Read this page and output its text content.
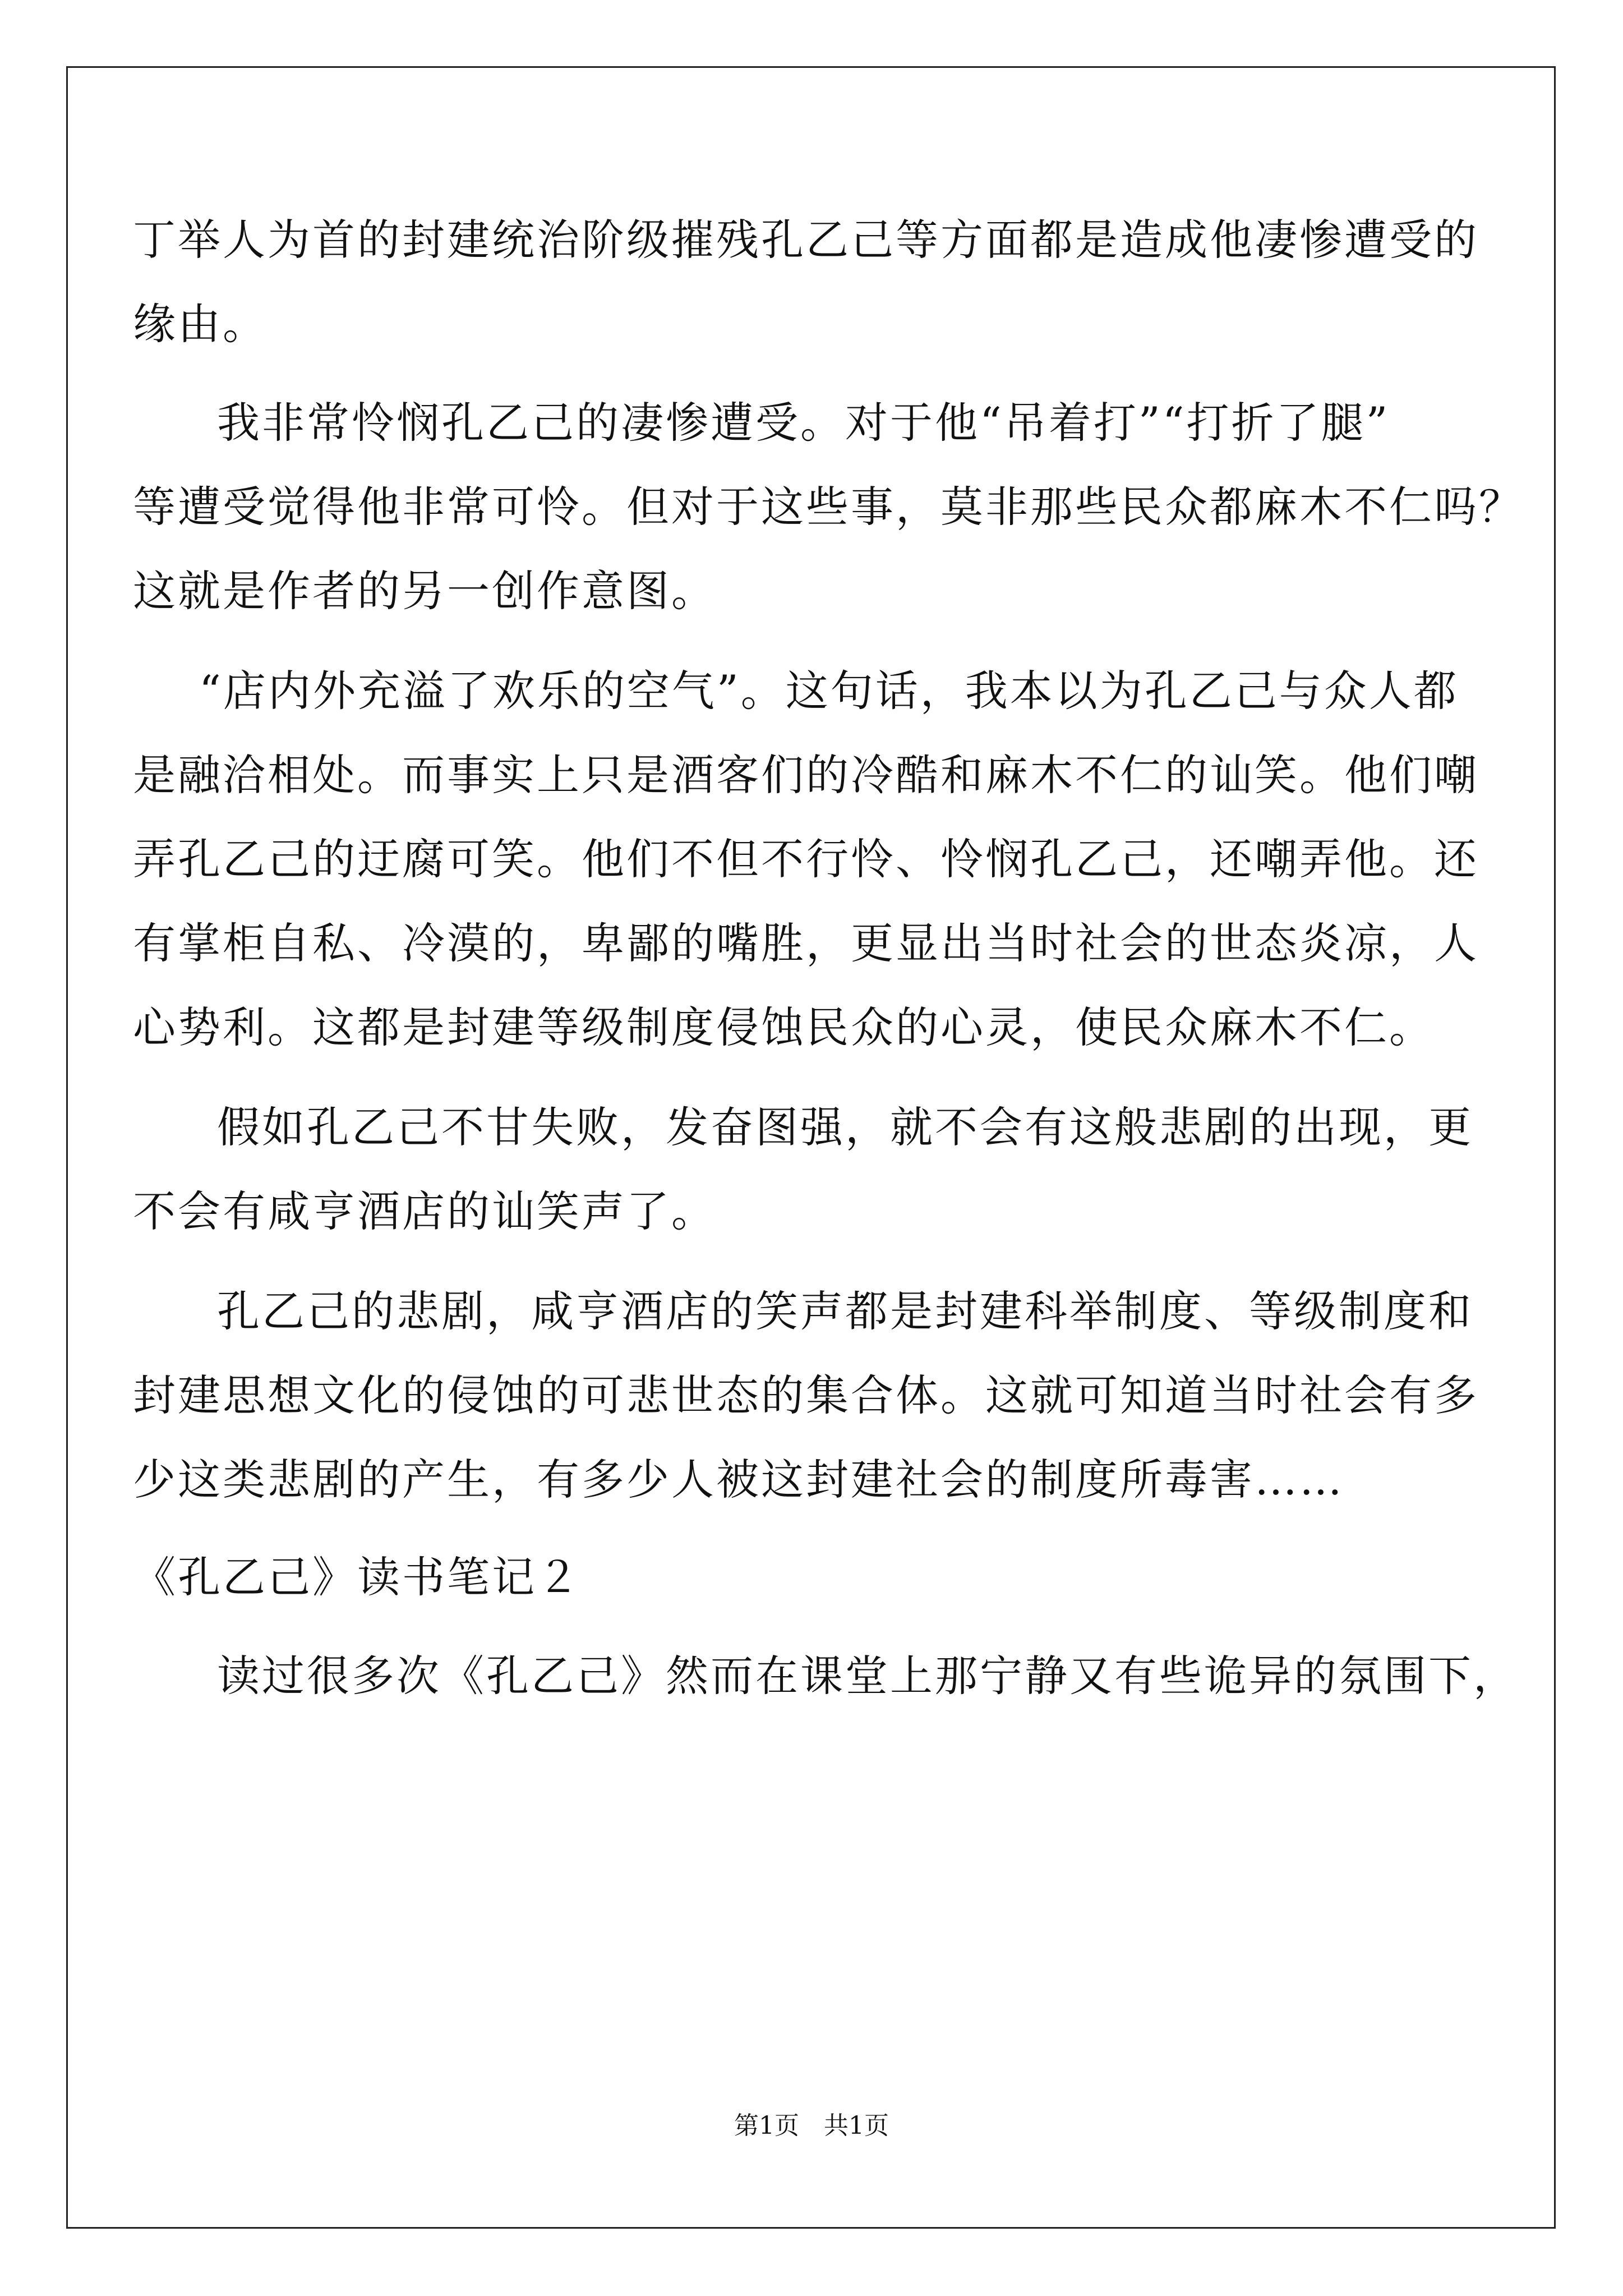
丁举人为首的封建统治阶级摧残孔乙己等方面都是造成他凄惨遭受的
缘由。
我非常怜悯孔乙己的凄惨遭受。对于他“吊着打”“打折了腿”
等遭受觉得他非常可怜。但对于这些事，莫非那些民众都麻木不仁吗？
这就是作者的另一创作意图。
“店内外充溢了欢乐的空气”。这句话，我本以为孔乙己与众人都
是融洽相处。而事实上只是酒客们的冷酷和麻木不仁的讪笑。他们嘲
弄孔乙己的迂腐可笑。他们不但不行怜、怜悯孔乙己，还嘲弄他。还
有掌柜自私、冷漠的，卑鄙的嘴胜，更显出当时社会的世态炎凉，人
心势利。这都是封建等级制度侵蚀民众的心灵，使民众麻木不仁。
假如孔乙己不甘失败，发奋图强，就不会有这般悲剧的出现，更
不会有咸亨酒店的讪笑声了。
孔乙己的悲剧，咸亨酒店的笑声都是封建科举制度、等级制度和
封建思想文化的侵蚀的可悲世态的集合体。这就可知道当时社会有多
少这类悲剧的产生，有多少人被这封建社会的制度所毒害……
《孔乙己》读书笔记２
读过很多次《孔乙己》然而在课堂上那宁静又有些诡异的氛围下，
第1页　共1页
